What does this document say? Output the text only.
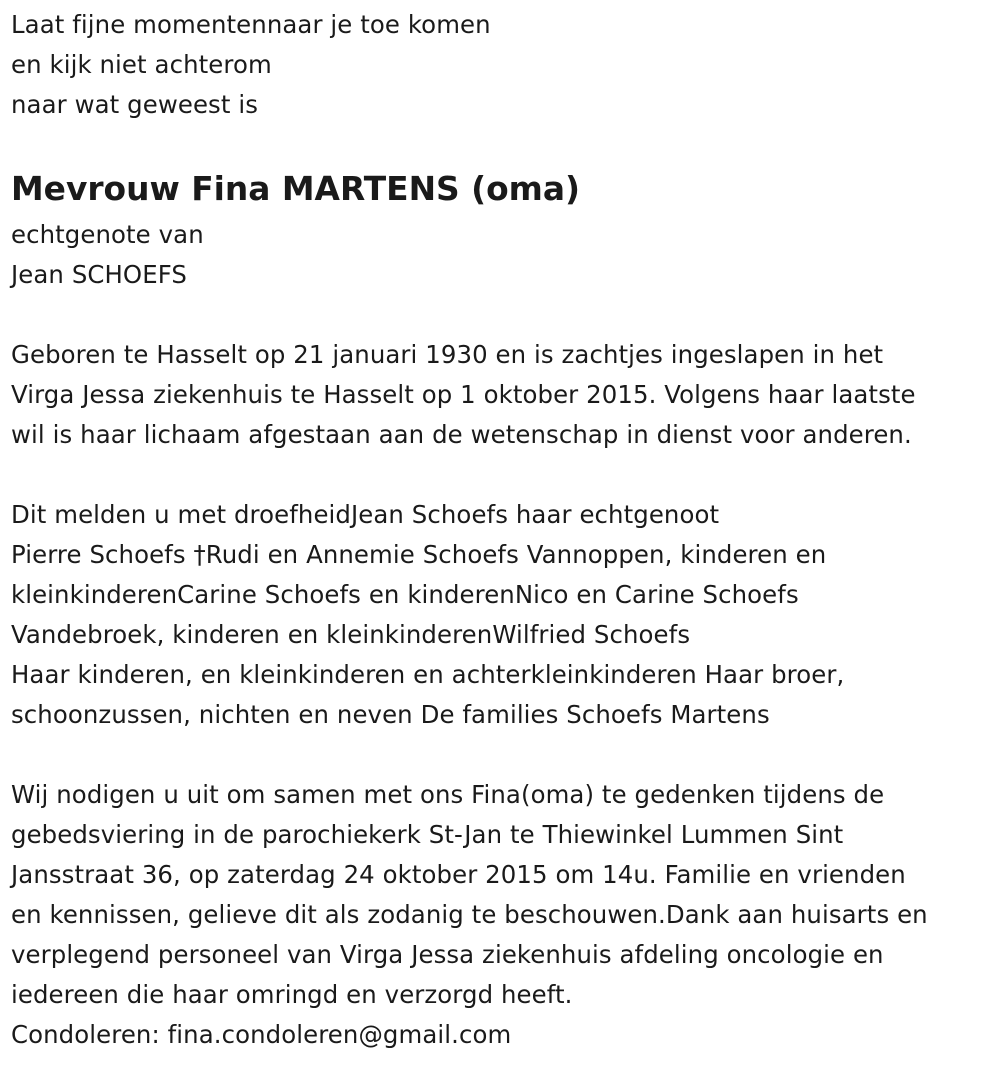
Laat fijne momentennaar je toe komen
en kijk niet achterom
naar wat geweest is
Mevrouw Fina MARTENS (oma)
echtgenote van
Jean SCHOEFS
Geboren te Hasselt op 21 januari 1930 en is zachtjes ingeslapen in het
Virga Jessa ziekenhuis te Hasselt op 1 oktober 2015. Volgens haar laatste
wil is haar lichaam afgestaan aan de wetenschap in dienst voor anderen.
Dit melden u met droefheidJean Schoefs haar echtgenoot
Pierre Schoefs †Rudi en Annemie Schoefs Vannoppen, kinderen en
kleinkinderenCarine Schoefs en kinderenNico en Carine Schoefs
Vandebroek, kinderen en kleinkinderenWilfried Schoefs
Haar kinderen, en kleinkinderen en achterkleinkinderen Haar broer,
schoonzussen, nichten en neven De families Schoefs Martens
Wij nodigen u uit om samen met ons Fina(oma) te gedenken tijdens de
gebedsviering in de parochiekerk St-Jan te Thiewinkel Lummen Sint
Jansstraat 36, op zaterdag 24 oktober 2015 om 14u. Familie en vrienden
en kennissen, gelieve dit als zodanig te beschouwen.Dank aan huisarts en
verplegend personeel van Virga Jessa ziekenhuis afdeling oncologie en
iedereen die haar omringd en verzorgd heeft.
Condoleren: fina.condoleren@gmail.com
